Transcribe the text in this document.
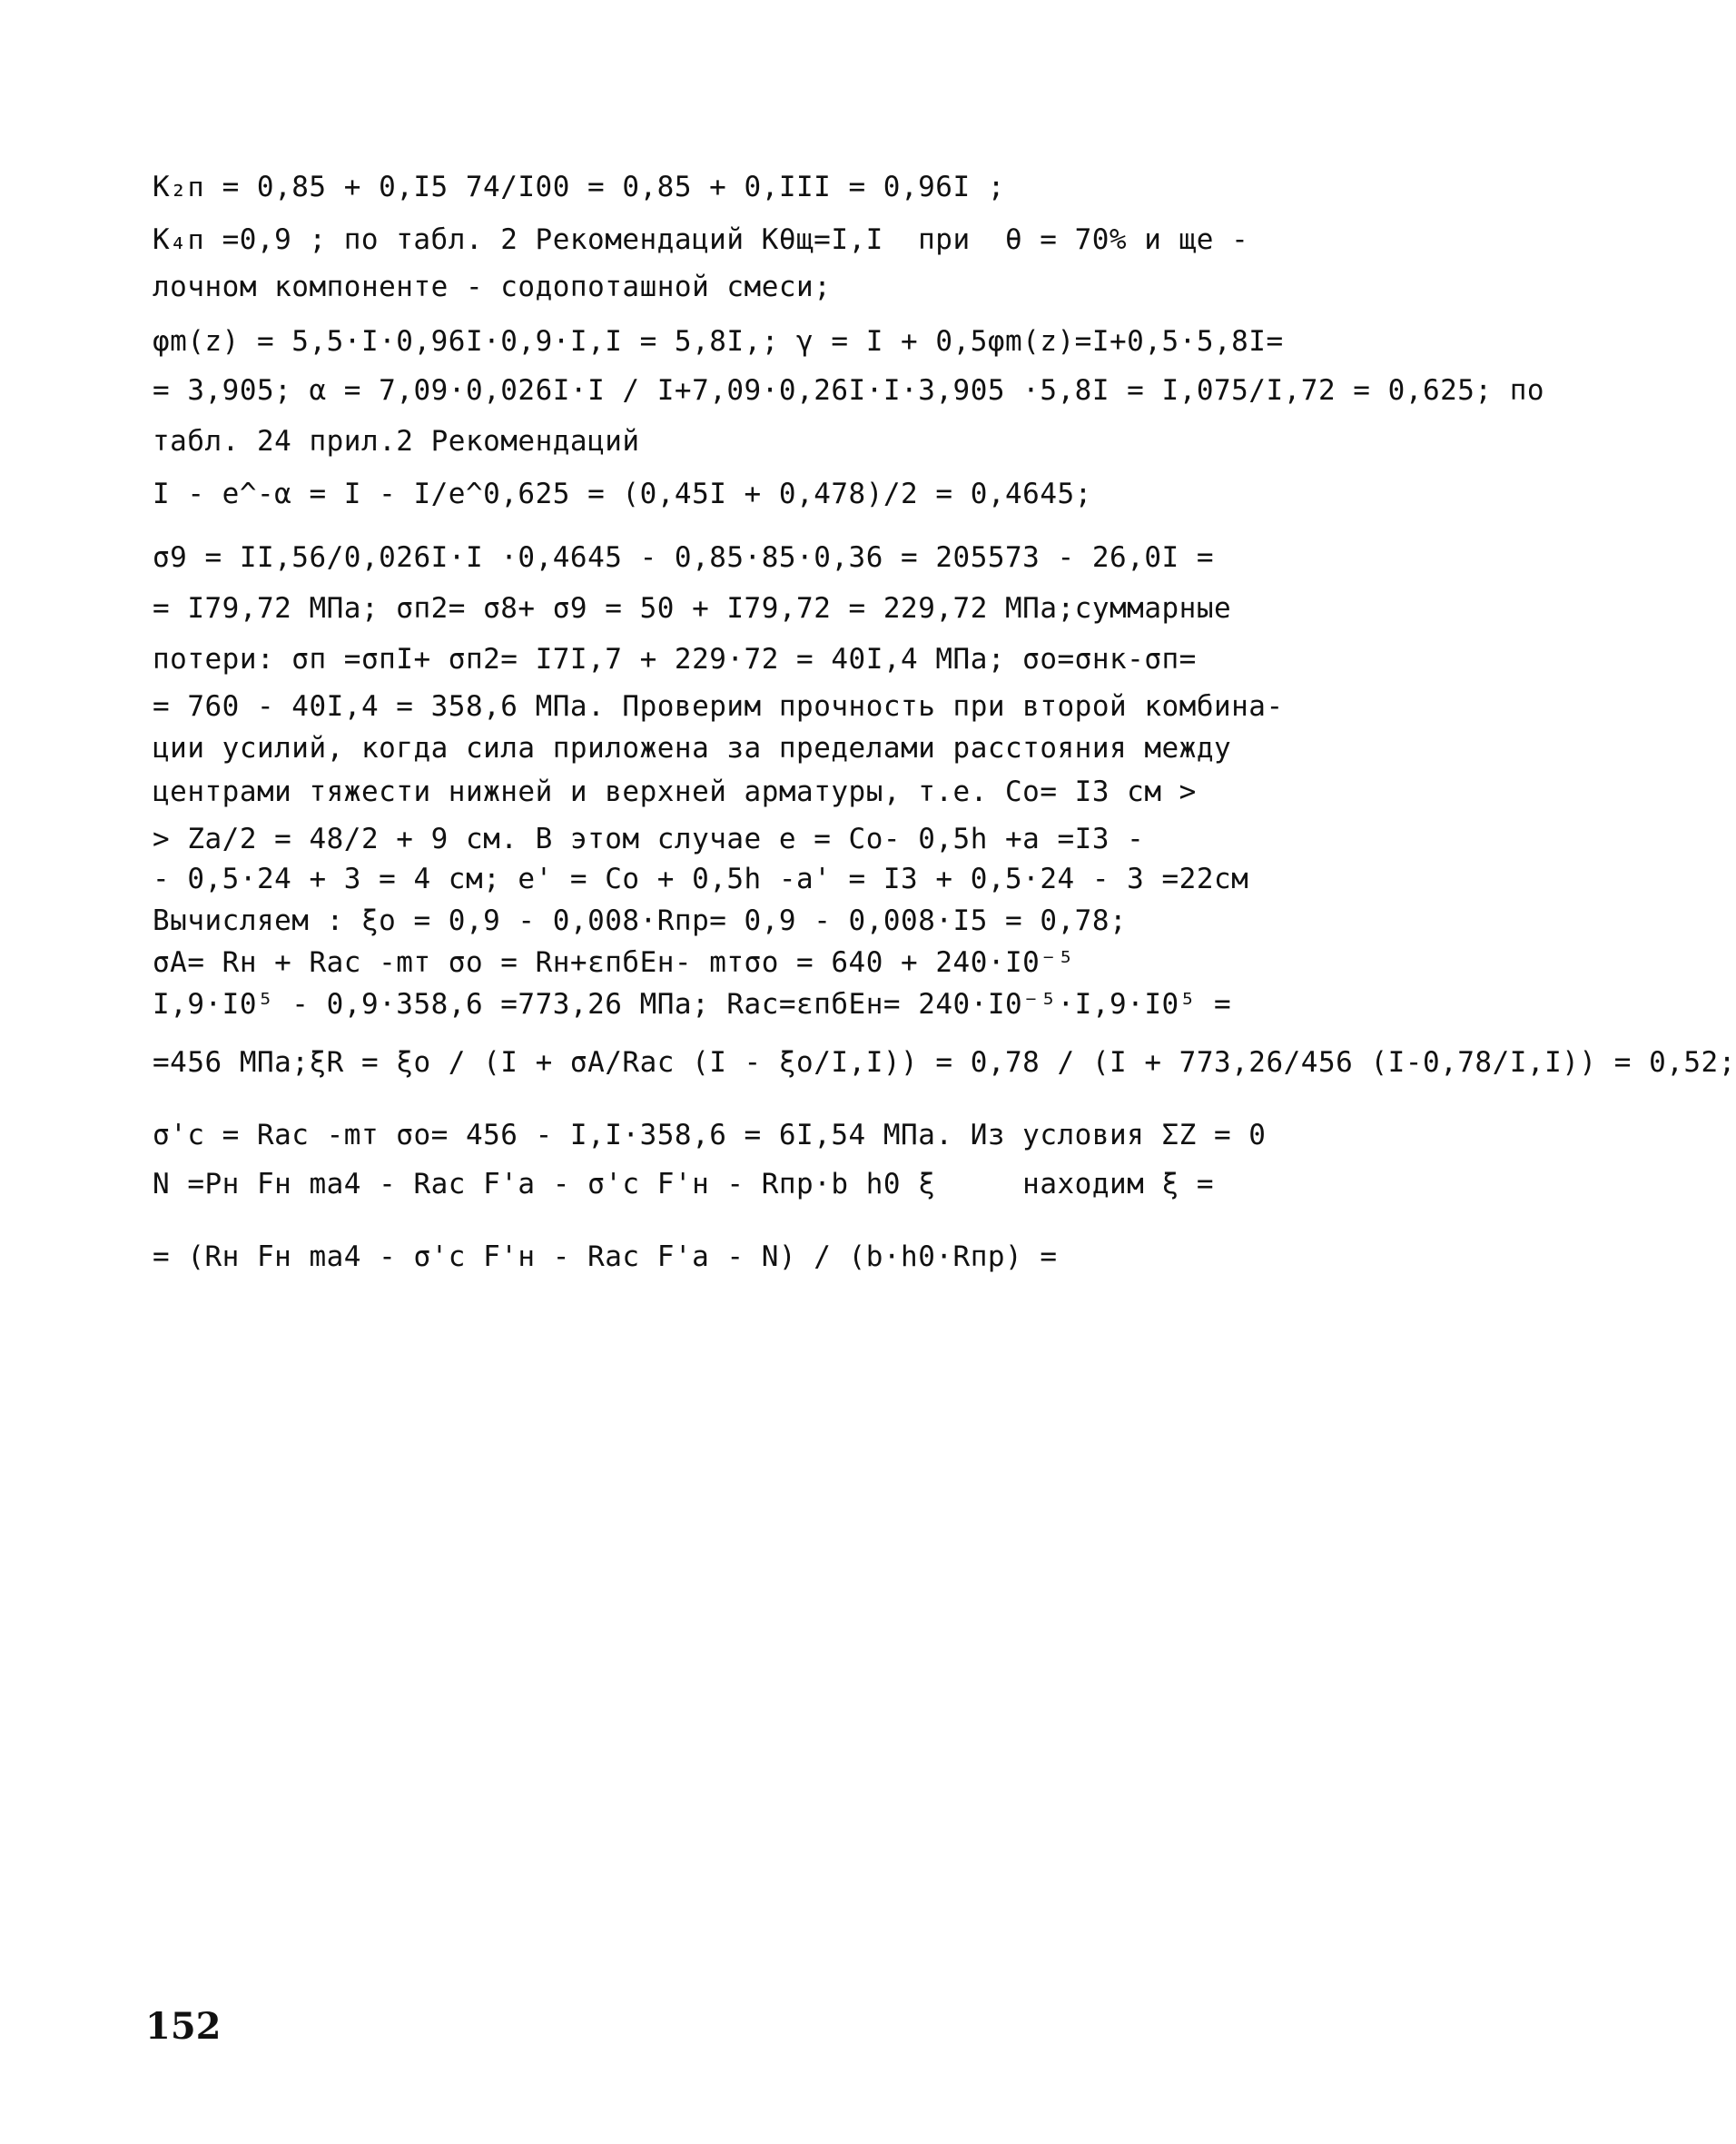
K₂ᴨ = 0,85 + 0,I5 74/I00 = 0,85 + 0,III = 0,96I ;
K₄ᴨ =0,9 ; по табл. 2 Рекомендаций Kθщ=I,I  при  θ = 70% и ще -
лочном компоненте - содопоташной смеси;
φm(z) = 5,5·I·0,96I·0,9·I,I = 5,8I,; γ = I + 0,5φm(z)=I+0,5·5,8I=
= 3,905; α = 7,09·0,026I·I / I+7,09·0,26I·I·3,905 ·5,8I = I,075/I,72 = 0,625; по
табл. 24 прил.2 Рекомендаций
I - e^-α = I - I/e^0,625 = (0,45I + 0,478)/2 = 0,4645;
σ9 = II,56/0,026I·I ·0,4645 - 0,85·85·0,36 = 205573 - 26,0I =
= I79,72 МПа; σп2= σ8+ σ9 = 50 + I79,72 = 229,72 МПа;суммарные
потери: σп =σпI+ σп2= I7I,7 + 229·72 = 40I,4 МПа; σо=σнк-σп=
= 760 - 40I,4 = 358,6 МПа. Проверим прочность при второй комбина-
ции усилий, когда сила приложена за пределами расстояния между
центрами тяжести нижней и верхней арматуры, т.е. Co= I3 см >
> Za/2 = 48/2 + 9 см. В этом случае e = Co- 0,5h +a =I3 -
- 0,5·24 + 3 = 4 см; e' = Co + 0,5h -a' = I3 + 0,5·24 - 3 =22см
Вычисляем : ξo = 0,9 - 0,008·Rпр= 0,9 - 0,008·I5 = 0,78;
σA= Rн + Rас -mт σо = Rн+εпбEн- mтσо = 640 + 240·I0⁻⁵
I,9·I0⁵ - 0,9·358,6 =773,26 МПа; Rас=εпбEн= 240·I0⁻⁵·I,9·I0⁵ =
=456 МПа;ξR = ξo / (I + σA/Rас (I - ξo/I,I)) = 0,78 / (I + 773,26/456 (I-0,78/I,I)) = 0,52;
σ'с = Rас -mт σо= 456 - I,I·358,6 = 6I,54 МПа. Из условия ΣZ = 0
N =Pн Fн ma4 - Rас F'a - σ'с F'н - Rпр·b h0 ξ     находим ξ =
= (Rн Fн ma4 - σ'с F'н - Rас F'a - N) / (b·h0·Rпр) =
152
